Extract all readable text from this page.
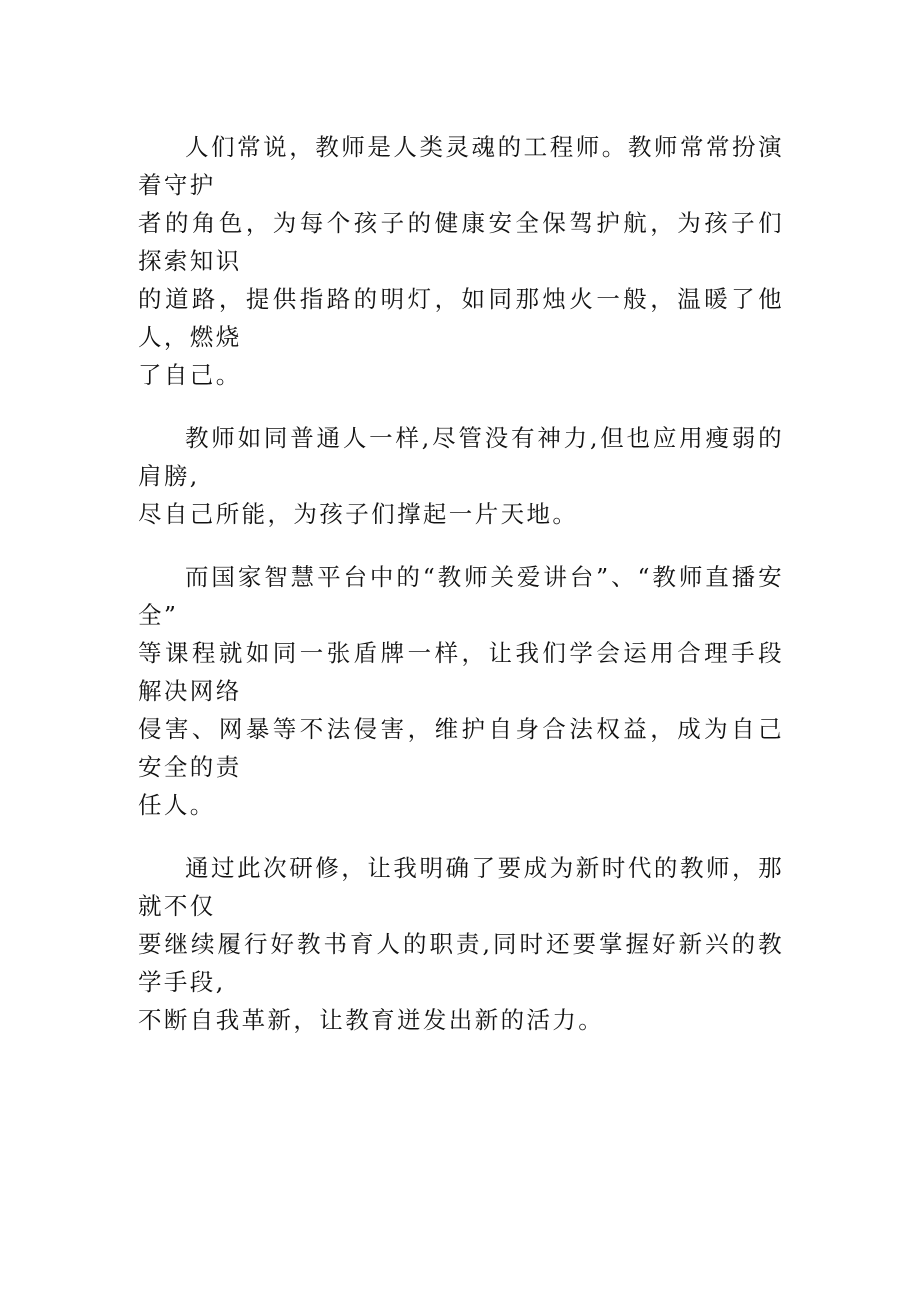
人们常说，教师是人类灵魂的工程师。教师常常扮演着守护
者的角色，为每个孩子的健康安全保驾护航，为孩子们探索知识
的道路，提供指路的明灯，如同那烛火一般，温暖了他人，燃烧
了自己。

教师如同普通人一样,尽管没有神力,但也应用瘦弱的肩膀,
尽自己所能，为孩子们撑起一片天地。

而国家智慧平台中的“教师关爱讲台”、“教师直播安全”
等课程就如同一张盾牌一样，让我们学会运用合理手段解决网络
侵害、网暴等不法侵害，维护自身合法权益，成为自己安全的责
任人。

通过此次研修，让我明确了要成为新时代的教师，那就不仅
要继续履行好教书育人的职责,同时还要掌握好新兴的教学手段,
不断自我革新，让教育迸发出新的活力。
